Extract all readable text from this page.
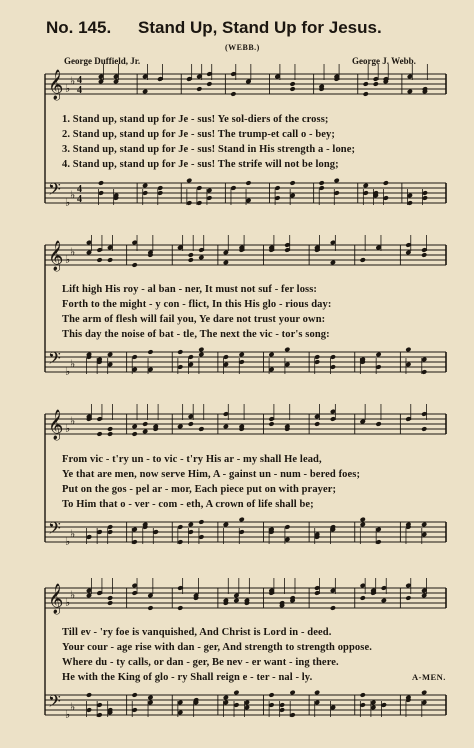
No. 145. Stand Up, Stand Up for Jesus.
(WEBB.)
George Duffield, Jr.	George J. Webb.
𝄞
𝄢
♭
♭
♭
♭
4
4
4
4
𝄞
𝄢
♭
♭
♭
♭
𝄞
𝄢
♭
♭
♭
♭
𝄞
𝄢
♭
♭
♭
♭
1. Stand up, stand up for Je - sus! Ye sol-diers of the cross;
2. Stand up, stand up for Je - sus! The trump-et call o - bey;
3. Stand up, stand up for Je - sus! Stand in His strength a - lone;
4. Stand up, stand up for Je - sus! The strife will not be long;
Lift high His roy - al ban - ner, It must not suf - fer loss:
Forth to the might - y con - flict, In this His glo - rious day:
The arm of flesh will fail you, Ye dare not trust your own:
This day the noise of bat - tle, The next the vic - tor's song:
From vic - t'ry un - to vic - t'ry His ar - my shall He lead,
Ye that are men, now serve Him, A - gainst un - num - bered foes;
Put on the gos - pel ar - mor, Each piece put on with prayer;
To Him that o - ver - com - eth, A crown of life shall be;
Till ev - 'ry foe is vanquished, And Christ is Lord in - deed.
Your cour - age rise with dan - ger, And strength to strength oppose.
Where du - ty calls, or dan - ger, Be nev - er want - ing there.
He with the King of glo - ry Shall reign e - ter - nal - ly.	A-MEN.
